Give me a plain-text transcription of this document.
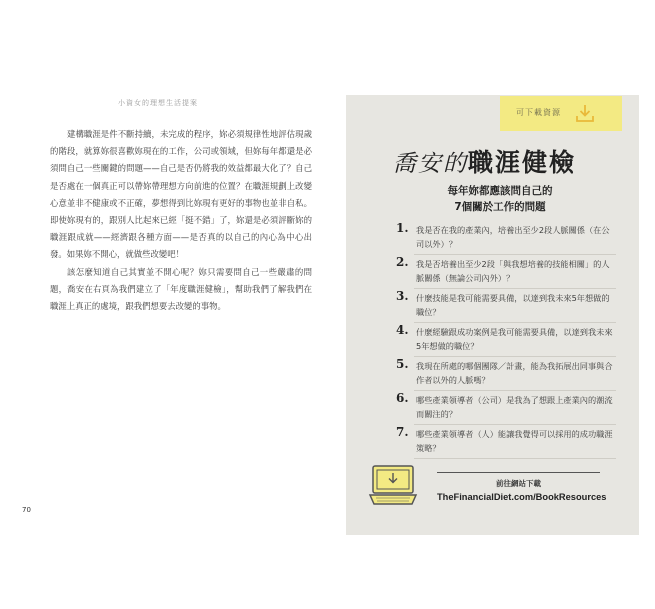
小資女的理想生活提案

建構職涯是件不斷持續，未完成的程序，妳必須規律性地評估現歲的階段，就算妳很喜歡妳現在的工作，公司或領域，但妳每年都還是必須問自己一些關鍵的問題——自己是否仍將我的效益都最大化了？自己是否處在一個真正可以帶妳帶理想方向前進的位置？在職涯規劃上改變心意並非不健康或不正確，夢想得到比妳現有更好的事物也並非自私。即使妳現有的，跟別人比起來已經「挺不錯」了，妳還是必須評斷妳的職涯跟成就——經濟跟各種方面——是否真的以自己的內心為中心出發。如果妳不開心，就做些改變吧！

該怎麼知道自己其實並不開心呢？妳只需要問自己一些嚴肅的問題，喬安在右頁為我們建立了「年度職涯健檢」，幫助我們了解我們在職涯上真正的處境，跟我們想要去改變的事物。

70
可下載資源
喬安的職涯健檢
每年妳都應該問自己的
7個關於工作的問題
1. 我是否在我的產業內，培養出至少2段人脈關係（在公司以外）？
2. 我是否培養出至少2段「與我想培養的技能相關」的人脈關係（無論公司內外）？
3. 什麼技能是我可能需要具備，以達到我未來5年想做的職位？
4. 什麼經驗跟成功案例是我可能需要具備，以達到我未來5年想做的職位？
5. 我現在所處的哪個團隊／計畫，能為我拓展出同事與合作者以外的人脈嗎？
6. 哪些產業領導者（公司）是我為了想跟上產業內的潮流而關注的？
7. 哪些產業領導者（人）能讓我覺得可以採用的成功職涯策略？
前往網站下載
TheFinancialDiet.com/BookResources
